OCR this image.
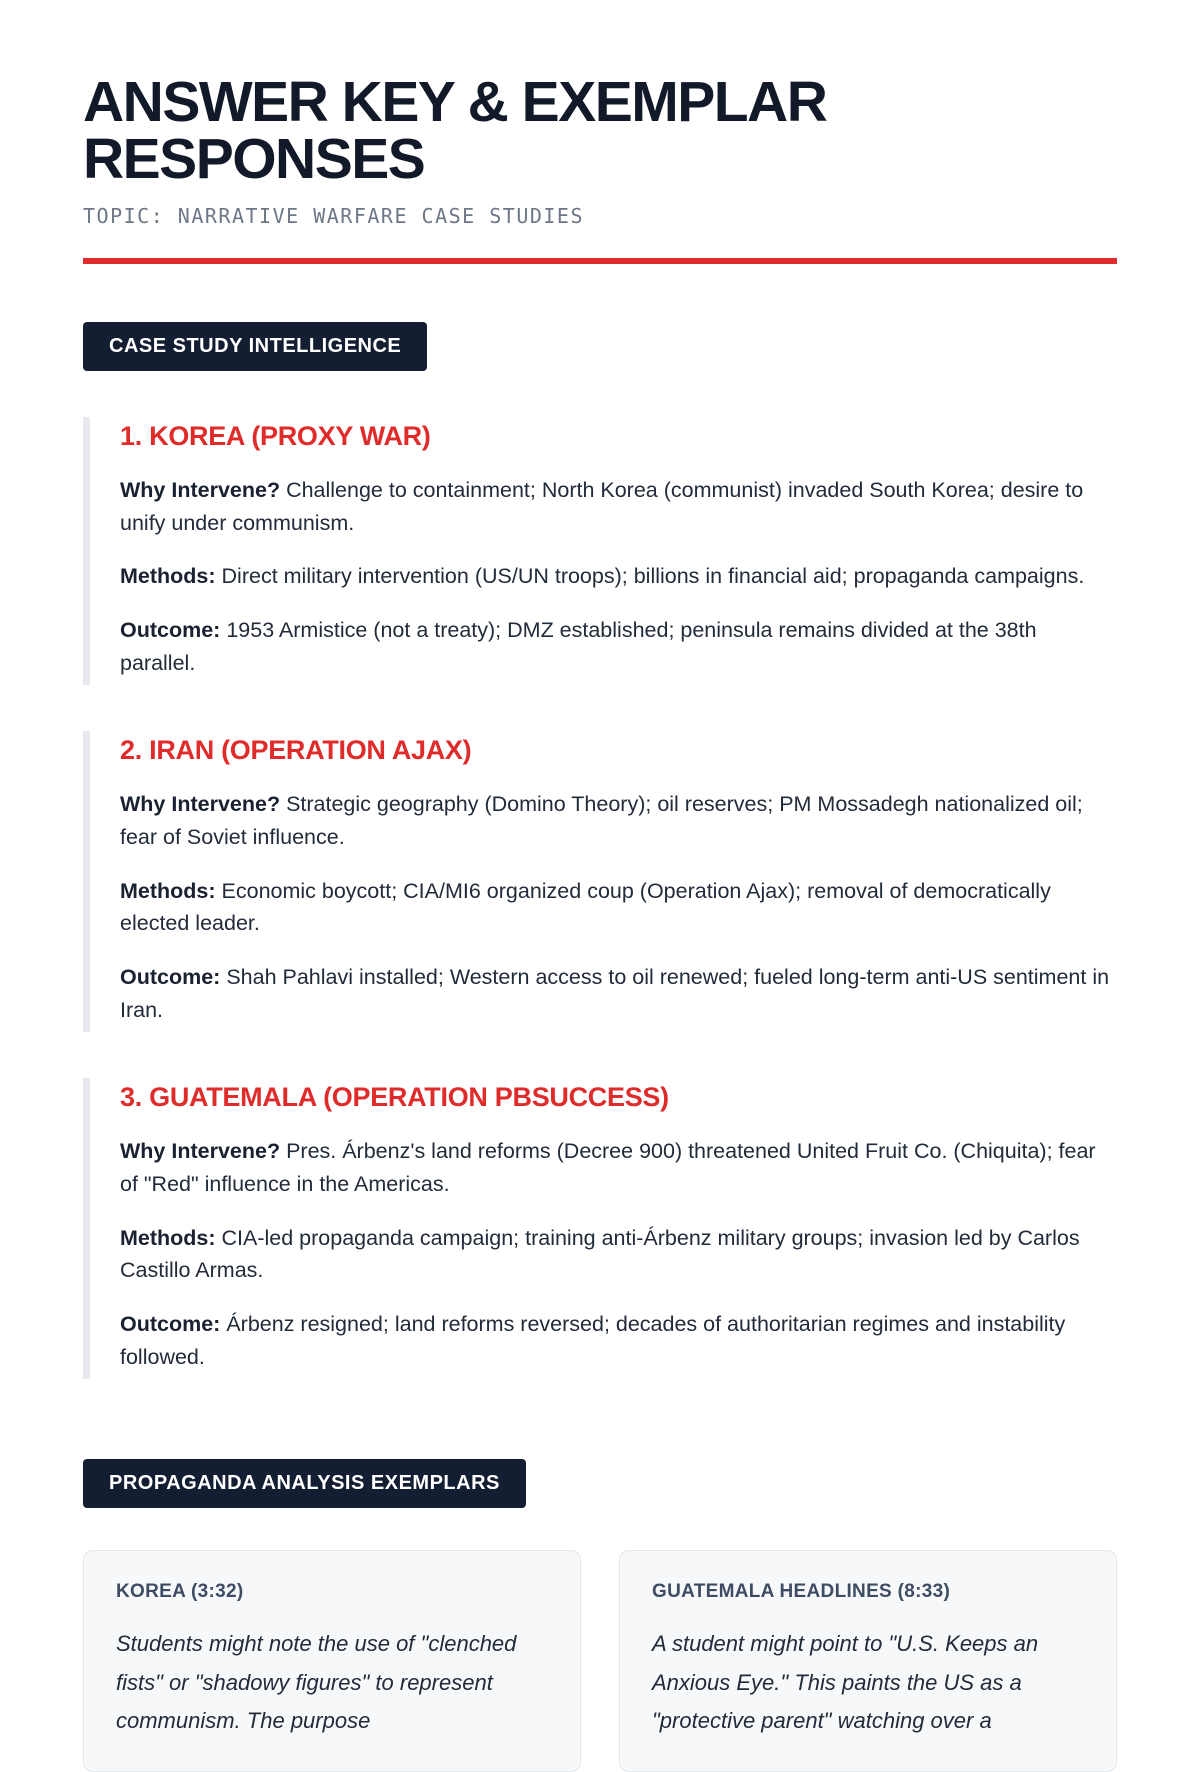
ANSWER KEY & EXEMPLAR RESPONSES

TOPIC: NARRATIVE WARFARE CASE STUDIES

CASE STUDY INTELLIGENCE
1. KOREA (PROXY WAR)

Why Intervene? Challenge to containment; North Korea (communist) invaded South Korea; desire to unify under communism.

Methods: Direct military intervention (US/UN troops); billions in financial aid; propaganda campaigns.

Outcome: 1953 Armistice (not a treaty); DMZ established; peninsula remains divided at the 38th parallel.

2. IRAN (OPERATION AJAX)

Why Intervene? Strategic geography (Domino Theory); oil reserves; PM Mossadegh nationalized oil; fear of Soviet influence.

Methods: Economic boycott; CIA/MI6 organized coup (Operation Ajax); removal of democratically elected leader.

Outcome: Shah Pahlavi installed; Western access to oil renewed; fueled long-term anti-US sentiment in Iran.

3. GUATEMALA (OPERATION PBSUCCESS)

Why Intervene? Pres. Árbenz's land reforms (Decree 900) threatened United Fruit Co. (Chiquita); fear of "Red" influence in the Americas.

Methods: CIA-led propaganda campaign; training anti-Árbenz military groups; invasion led by Carlos Castillo Armas.

Outcome: Árbenz resigned; land reforms reversed; decades of authoritarian regimes and instability followed.

PROPAGANDA ANALYSIS EXEMPLARS
KOREA (3:32)

Students might note the use of "clenched fists" or "shadowy figures" to represent communism. The purpose

GUATEMALA HEADLINES (8:33)

A student might point to "U.S. Keeps an Anxious Eye." This paints the US as a "protective parent" watching over a
